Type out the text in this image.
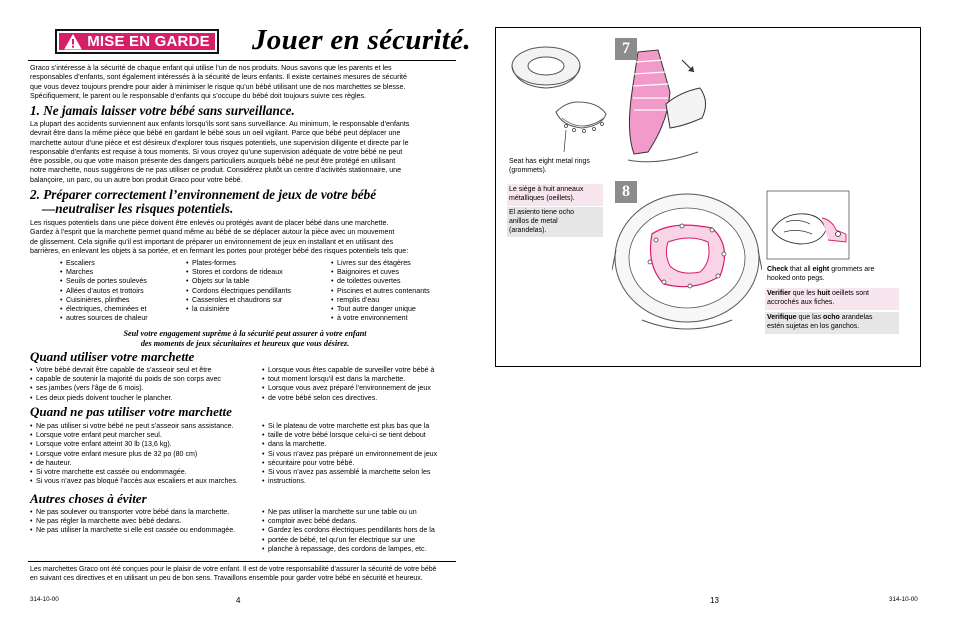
MISE EN GARDE Jouer en sécurité.
Graco s’intéresse à la sécurité de chaque enfant qui utilise l’un de nos produits. Nous savons que les parents et les
responsables d’enfants, sont également intéressés à la sécurité de leurs enfants. Il existe certaines mesures de sécurité
que vous devez toujours prendre pour aider à minimiser le risque qu’un bébé utilisant une de nos marchettes se blesse.
Spécifiquement, le parent ou le responsable d’enfants qui s’occupe du bébé doit toujours suivre ces règles.
1. Ne jamais laisser votre bébé sans surveillance.
La plupart des accidents surviennent aux enfants lorsqu’ils sont sans surveillance. Au minimum, le responsable d’enfants
devrait être dans la même pièce que bébé en gardant le bébé sous un oeil vigilant. Parce que bébé peut déplacer une
marchette autour d’une pièce et est désireux d’explorer tous risques potentiels, une supervision diligente et directe par le
responsable d’enfants est requise à tous moments. Si vous croyez qu’une supervision adéquate de votre bébé ne peut
être possible, ou que votre maison présente des dangers particuliers auxquels bébé ne peut être protégé en utilisant
notre marchette, nous suggérons de ne pas utiliser ce produit. Considérez plutôt un centre d’activités stationnaire, une
balançoire, un parc, ou un autre bon produit Graco pour votre bébé.
2. Préparer correctement l’environnement de jeux de votre bébé
—neutraliser les risques potentiels.
Les risques potentiels dans une pièce doivent être enlevés ou protégés avant de placer bébé dans une marchette.
Gardez à l’esprit que la marchette permet quand même au bébé de se déplacer autour la pièce avec un mouvement
de glissement. Cela signifie qu’il est important de préparer un environnement de jeux en installant et en utilisant des
barrières, en enlevant les objets à sa portée, et en fermant les portes pour protéger bébé des risques potentiels tels que:
• Escaliers
• Marches
• Seuils de portes soulevés
• Allées d’autos et trottoirs
• Cuisinières, plinthes
• électriques, cheminées et
• autres sources de chaleur
• Plates-formes
• Stores et cordons de rideaux
• Objets sur la table
• Cordons électriques pendillants
• Casseroles et chaudrons sur
• la cuisinière
• Livres sur des étagères
• Baignoires et cuves
• de toilettes ouvertes
• Piscines et autres contenants
• remplis d’eau
• Tout autre danger unique
• à votre environnement
Seul votre engagement suprême à la sécurité peut assurer à votre enfant
des moments de jeux sécuritaires et heureux que vous désirez.
Quand utiliser votre marchette
• Votre bébé devrait être capable de s’asseoir seul et être
• capable de soutenir la majorité du poids de son corps avec
• ses jambes (vers l’âge de 6 mois).
• Les deux pieds doivent toucher le plancher.
• Lorsque vous êtes capable de surveiller votre bébé à
• tout moment lorsqu’il est dans la marchette.
• Lorsque vous avez préparé l’environnement de jeux
• de votre bébé selon ces directives.
Quand ne pas utiliser votre marchette
• Ne pas utiliser si votre bébé ne peut s’asseoir sans assistance.
• Lorsque votre enfant peut marcher seul.
• Lorsque votre enfant atteint 30 lb (13,6 kg).
• Lorsque votre enfant mesure plus de 32 po (80 cm)
• de hauteur.
• Si votre marchette est cassée ou endommagée.
• Si vous n’avez pas bloqué l’accès aux escaliers et aux marches.
• Si le plateau de votre marchette est plus bas que la
• taille de votre bébé lorsque celui-ci se tient debout
• dans la marchette.
• Si vous n’avez pas préparé un environnement de jeux
• sécuritaire pour votre bébé.
• Si vous n’avez pas assemblé la marchette selon les
• instructions.
Autres choses à éviter
• Ne pas soulever ou transporter votre bébé dans la marchette.
• Ne pas régler la marchette avec bébé dedans.
• Ne pas utiliser la marchette si elle est cassée ou endommagée.
• Ne pas utiliser la marchette sur une table ou un
• comptoir avec bébé dedans.
• Gardez les cordons électriques pendillants hors de la
• portée de bébé, tel qu’un fer électrique sur une
• planche à repassage, des cordons de lampes, etc.
Les marchettes Graco ont été conçues pour le plaisir de votre enfant. Il est de votre responsabilité d’assurer la sécurité de votre bébé
en suivant ces directives et en utilisant un peu de bon sens. Travaillons ensemble pour garder votre bébé en sécurité et heureux.
314-10-00	4
7
Seat has eight metal rings
(grommets).
Le siège à huit anneaux
métalliques (oeillets).
El asiento tiene ocho
anillos de metal
(arandelas).
8
Check that all eight grommets are
hooked onto pegs.
Verifier que les huit oeillets sont
accrochés aux fiches.
Verifique que las ocho arandelas
estén sujetas en los ganchos.
13	314-10-00
